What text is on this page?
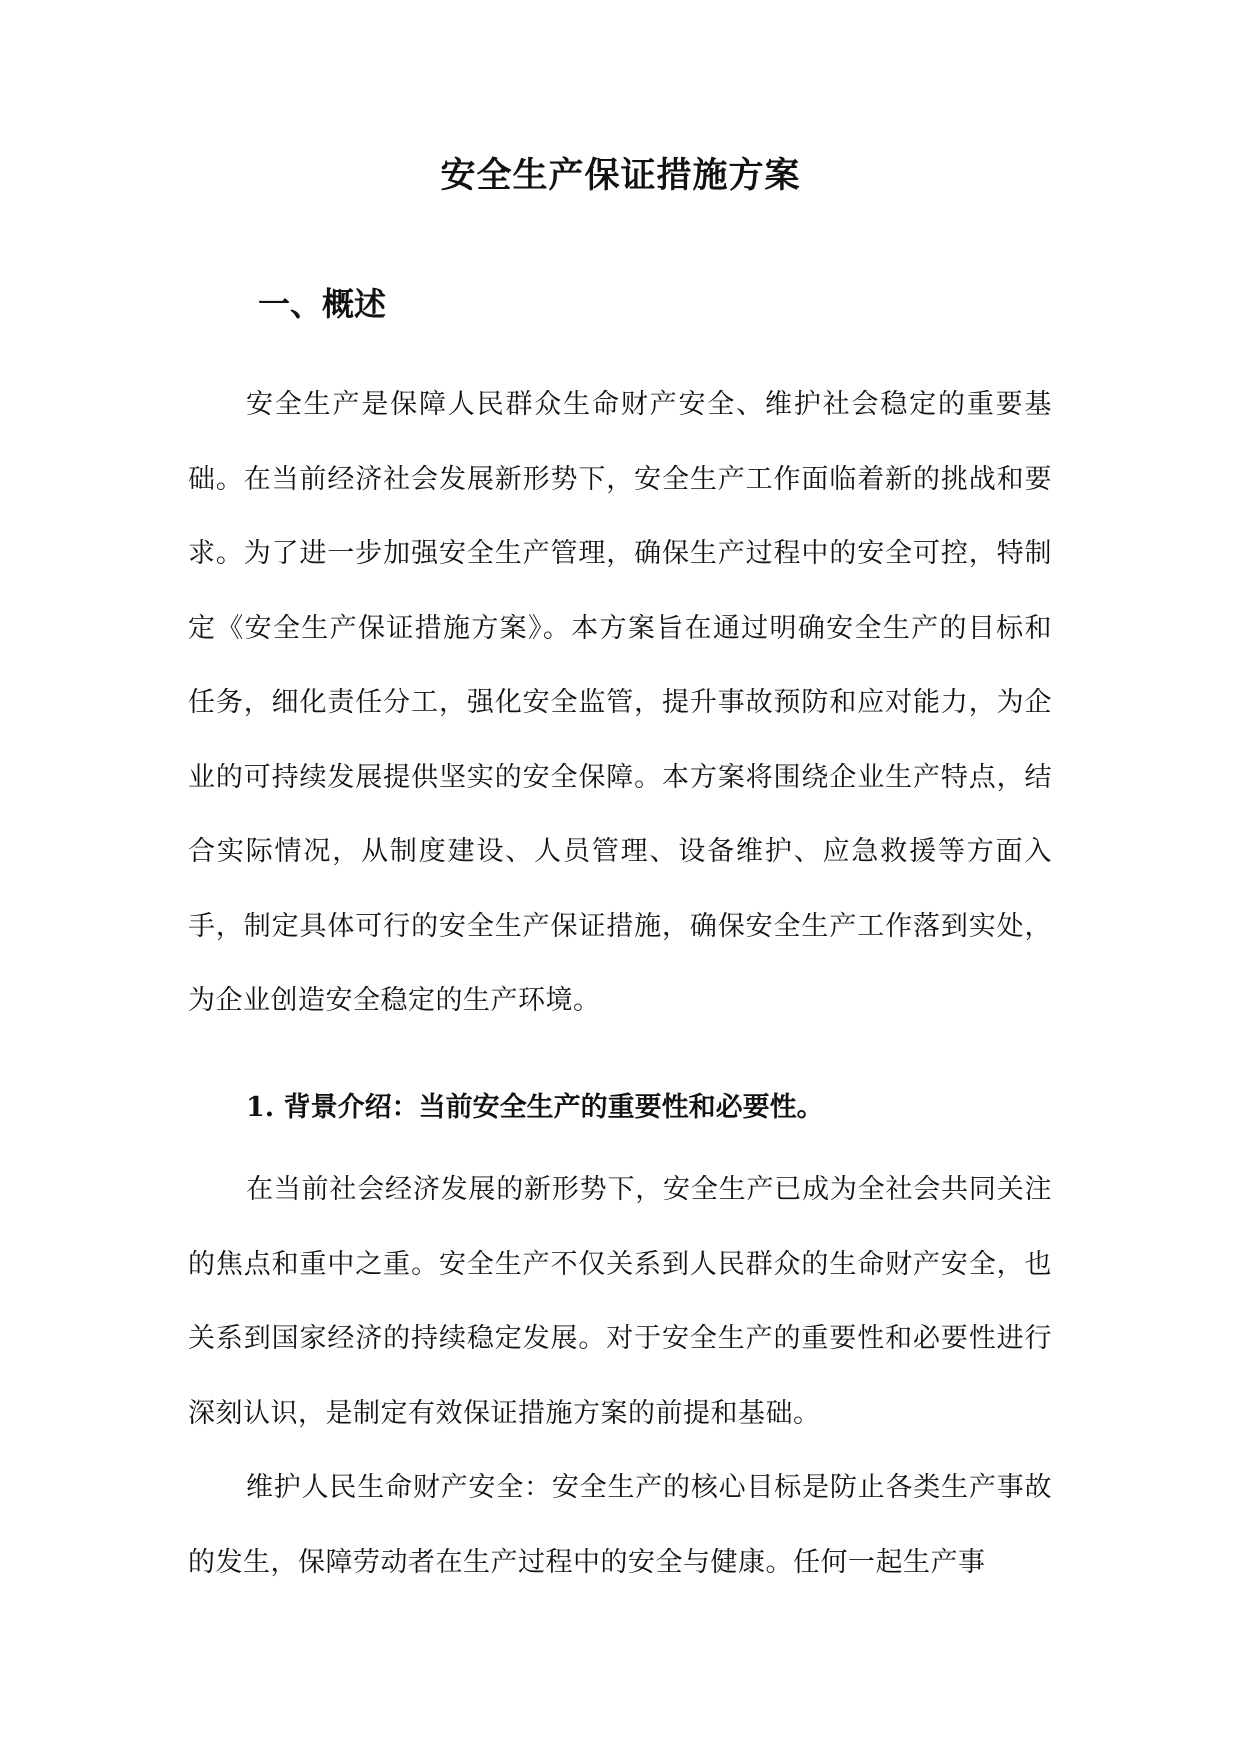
安全生产保证措施方案
一、概述

安全生产是保障人民群众生命财产安全、维护社会稳定的重要基础。在当前经济社会发展新形势下，安全生产工作面临着新的挑战和要求。为了进一步加强安全生产管理，确保生产过程中的安全可控，特制定《安全生产保证措施方案》。本方案旨在通过明确安全生产的目标和任务，细化责任分工，强化安全监管，提升事故预防和应对能力，为企业的可持续发展提供坚实的安全保障。本方案将围绕企业生产特点，结合实际情况，从制度建设、人员管理、设备维护、应急救援等方面入手，制定具体可行的安全生产保证措施，确保安全生产工作落到实处，为企业创造安全稳定的生产环境。

1. 背景介绍：当前安全生产的重要性和必要性。

在当前社会经济发展的新形势下，安全生产已成为全社会共同关注的焦点和重中之重。安全生产不仅关系到人民群众的生命财产安全，也关系到国家经济的持续稳定发展。对于安全生产的重要性和必要性进行深刻认识，是制定有效保证措施方案的前提和基础。

维护人民生命财产安全：安全生产的核心目标是防止各类生产事故的发生，保障劳动者在生产过程中的安全与健康。任何一起生产事
